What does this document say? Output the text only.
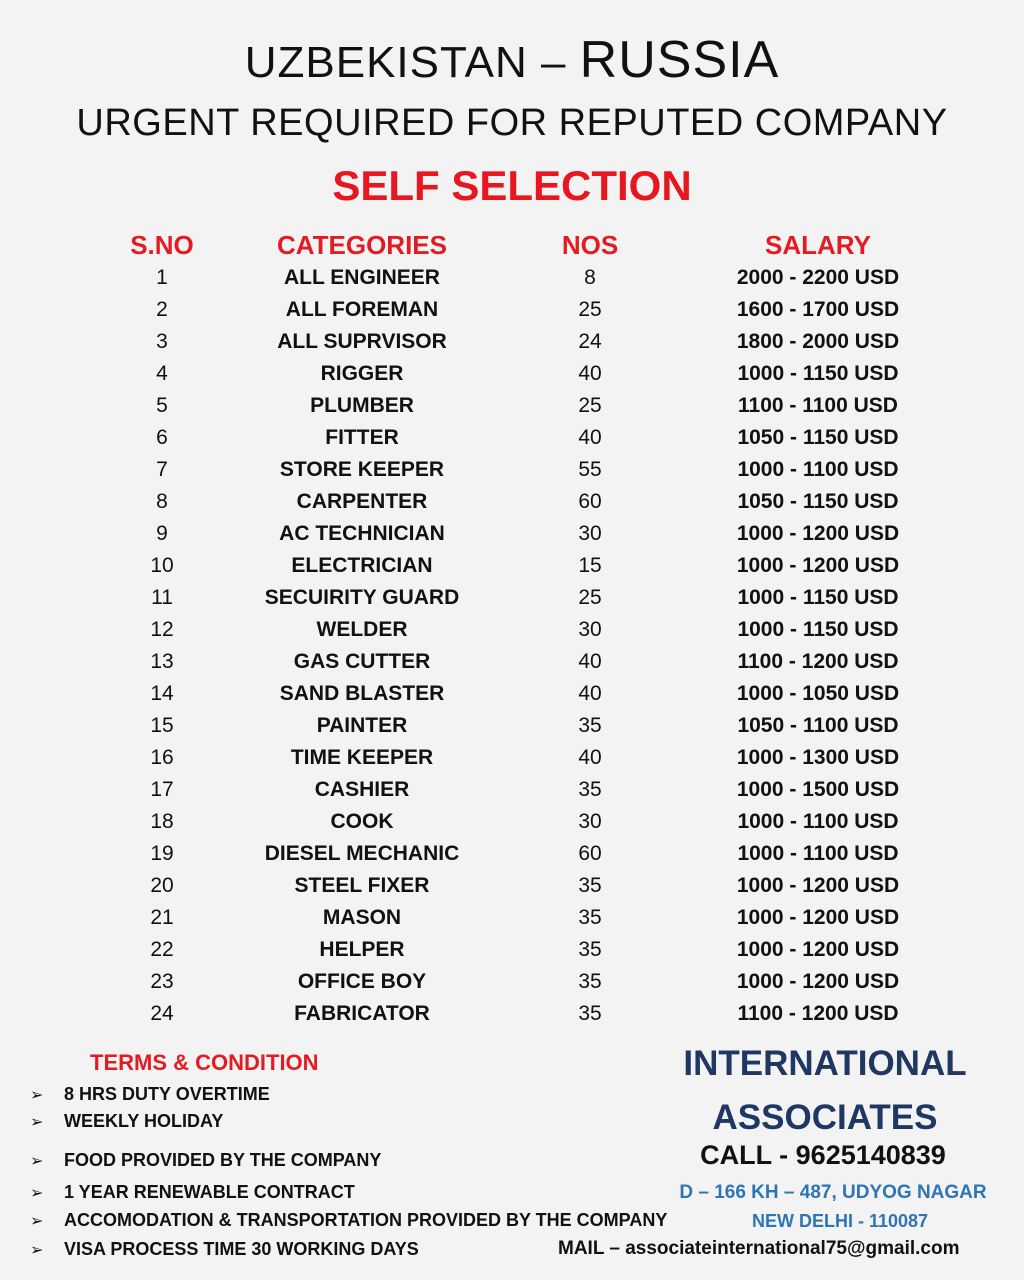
UZBEKISTAN – RUSSIA
URGENT REQUIRED FOR REPUTED COMPANY
SELF SELECTION
S.NO	CATEGORIES	NOS	SALARY
1	ALL ENGINEER	8	2000 - 2200 USD
2	ALL FOREMAN	25	1600 - 1700 USD
3	ALL SUPRVISOR	24	1800 - 2000 USD
4	RIGGER	40	1000 - 1150 USD
5	PLUMBER	25	1100 - 1100 USD
6	FITTER	40	1050 - 1150 USD
7	STORE KEEPER	55	1000 - 1100 USD
8	CARPENTER	60	1050 - 1150 USD
9	AC TECHNICIAN	30	1000 - 1200 USD
10	ELECTRICIAN	15	1000 - 1200 USD
11	SECUIRITY GUARD	25	1000 - 1150 USD
12	WELDER	30	1000 - 1150 USD
13	GAS CUTTER	40	1100 - 1200 USD
14	SAND BLASTER	40	1000 - 1050 USD
15	PAINTER	35	1050 - 1100 USD
16	TIME KEEPER	40	1000 - 1300 USD
17	CASHIER	35	1000 - 1500 USD
18	COOK	30	1000 - 1100 USD
19	DIESEL MECHANIC	60	1000 - 1100 USD
20	STEEL FIXER	35	1000 - 1200 USD
21	MASON	35	1000 - 1200 USD
22	HELPER	35	1000 - 1200 USD
23	OFFICE BOY	35	1000 - 1200 USD
24	FABRICATOR	35	1100 - 1200 USD
TERMS & CONDITION
➢ 8 HRS DUTY OVERTIME
➢ WEEKLY HOLIDAY
➢ FOOD PROVIDED BY THE COMPANY
➢ 1 YEAR RENEWABLE CONTRACT
➢ ACCOMODATION & TRANSPORTATION PROVIDED BY THE COMPANY
➢ VISA PROCESS TIME 30 WORKING DAYS
INTERNATIONAL
ASSOCIATES
CALL - 9625140839
D – 166 KH – 487, UDYOG NAGAR
NEW DELHI - 110087
MAIL – associateinternational75@gmail.com
